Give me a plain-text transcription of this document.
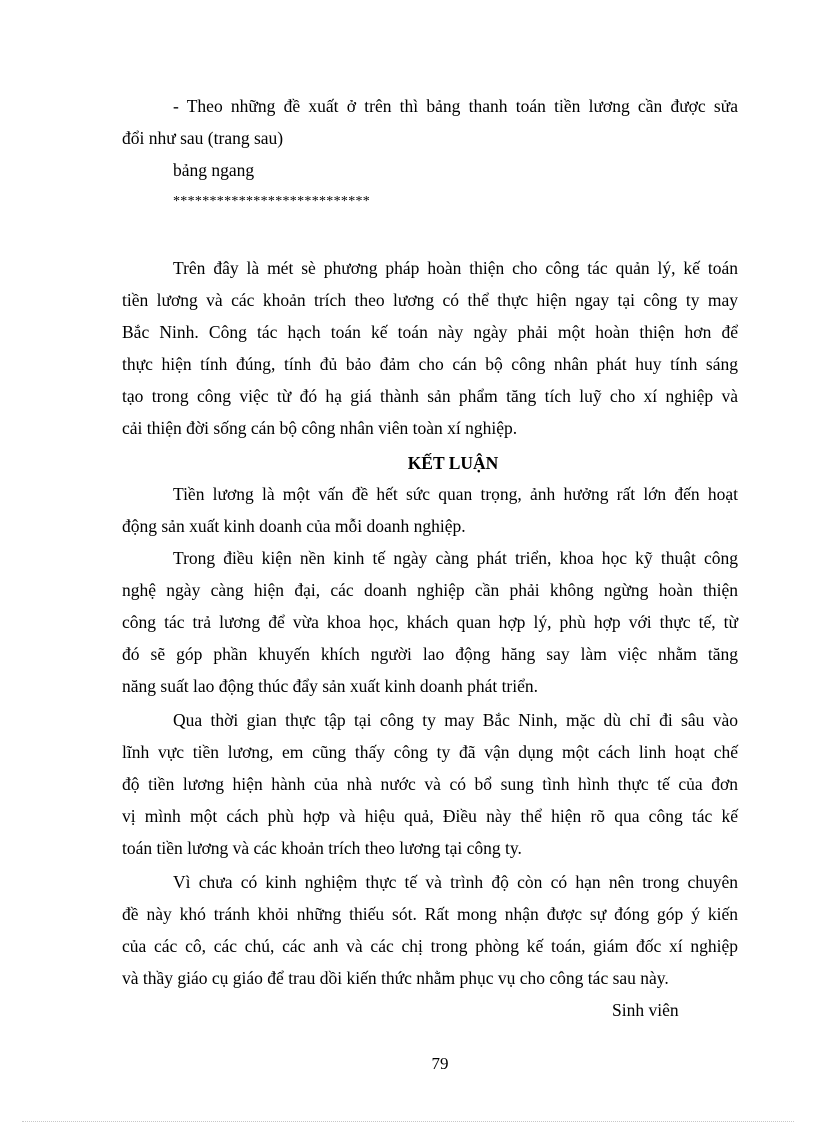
- Theo những đề xuất ở trên thì bảng thanh toán tiền lương cần được sửa
đổi như sau (trang sau)
bảng ngang
***************************
Trên đây là mét sè phương pháp hoàn thiện cho công tác quản lý, kế toán
tiền lương và các khoản trích theo lương có thể thực hiện ngay tại công ty may
Bắc Ninh. Công tác hạch toán kế toán này ngày phải một hoàn thiện hơn để
thực hiện tính đúng, tính đủ bảo đảm cho cán bộ công nhân phát huy tính sáng
tạo trong công việc từ đó hạ giá thành sản phẩm tăng tích luỹ cho xí nghiệp và
cải thiện đời sống cán bộ công nhân viên toàn xí nghiệp.
KẾT LUẬN
Tiền lương là một vấn đề hết sức quan trọng, ảnh hưởng rất lớn đến hoạt
động sản xuất kinh doanh của mỗi doanh nghiệp.
Trong điều kiện nền kinh tế ngày càng phát triển, khoa học kỹ thuật công
nghệ ngày càng hiện đại, các doanh nghiệp cần phải không ngừng hoàn thiện
công tác trả lương để vừa khoa học, khách quan hợp lý, phù hợp với thực tế, từ
đó sẽ góp phần khuyến khích người lao động hăng say làm việc nhằm tăng
năng suất lao động thúc đẩy sản xuất kinh doanh phát triển.
Qua thời gian thực tập tại công ty may Bắc Ninh, mặc dù chỉ đi sâu vào
lĩnh vực tiền lương, em cũng thấy công ty đã vận dụng một cách linh hoạt chế
độ tiền lương hiện hành của nhà nước và có bổ sung tình hình thực tế của đơn
vị mình một cách phù hợp và hiệu quả, Điều này thể hiện rõ qua công tác kế
toán tiền lương và các khoản trích theo lương tại công ty.
Vì chưa có kinh nghiệm thực tế và trình độ còn có hạn nên trong chuyên
đề này khó tránh khỏi những thiếu sót. Rất mong nhận được sự đóng góp ý kiến
của các cô, các chú, các anh và các chị trong phòng kế toán, giám đốc xí nghiệp
và thầy giáo cụ giáo để trau dồi kiến thức nhằm phục vụ cho công tác sau này.
Sinh viên
79
